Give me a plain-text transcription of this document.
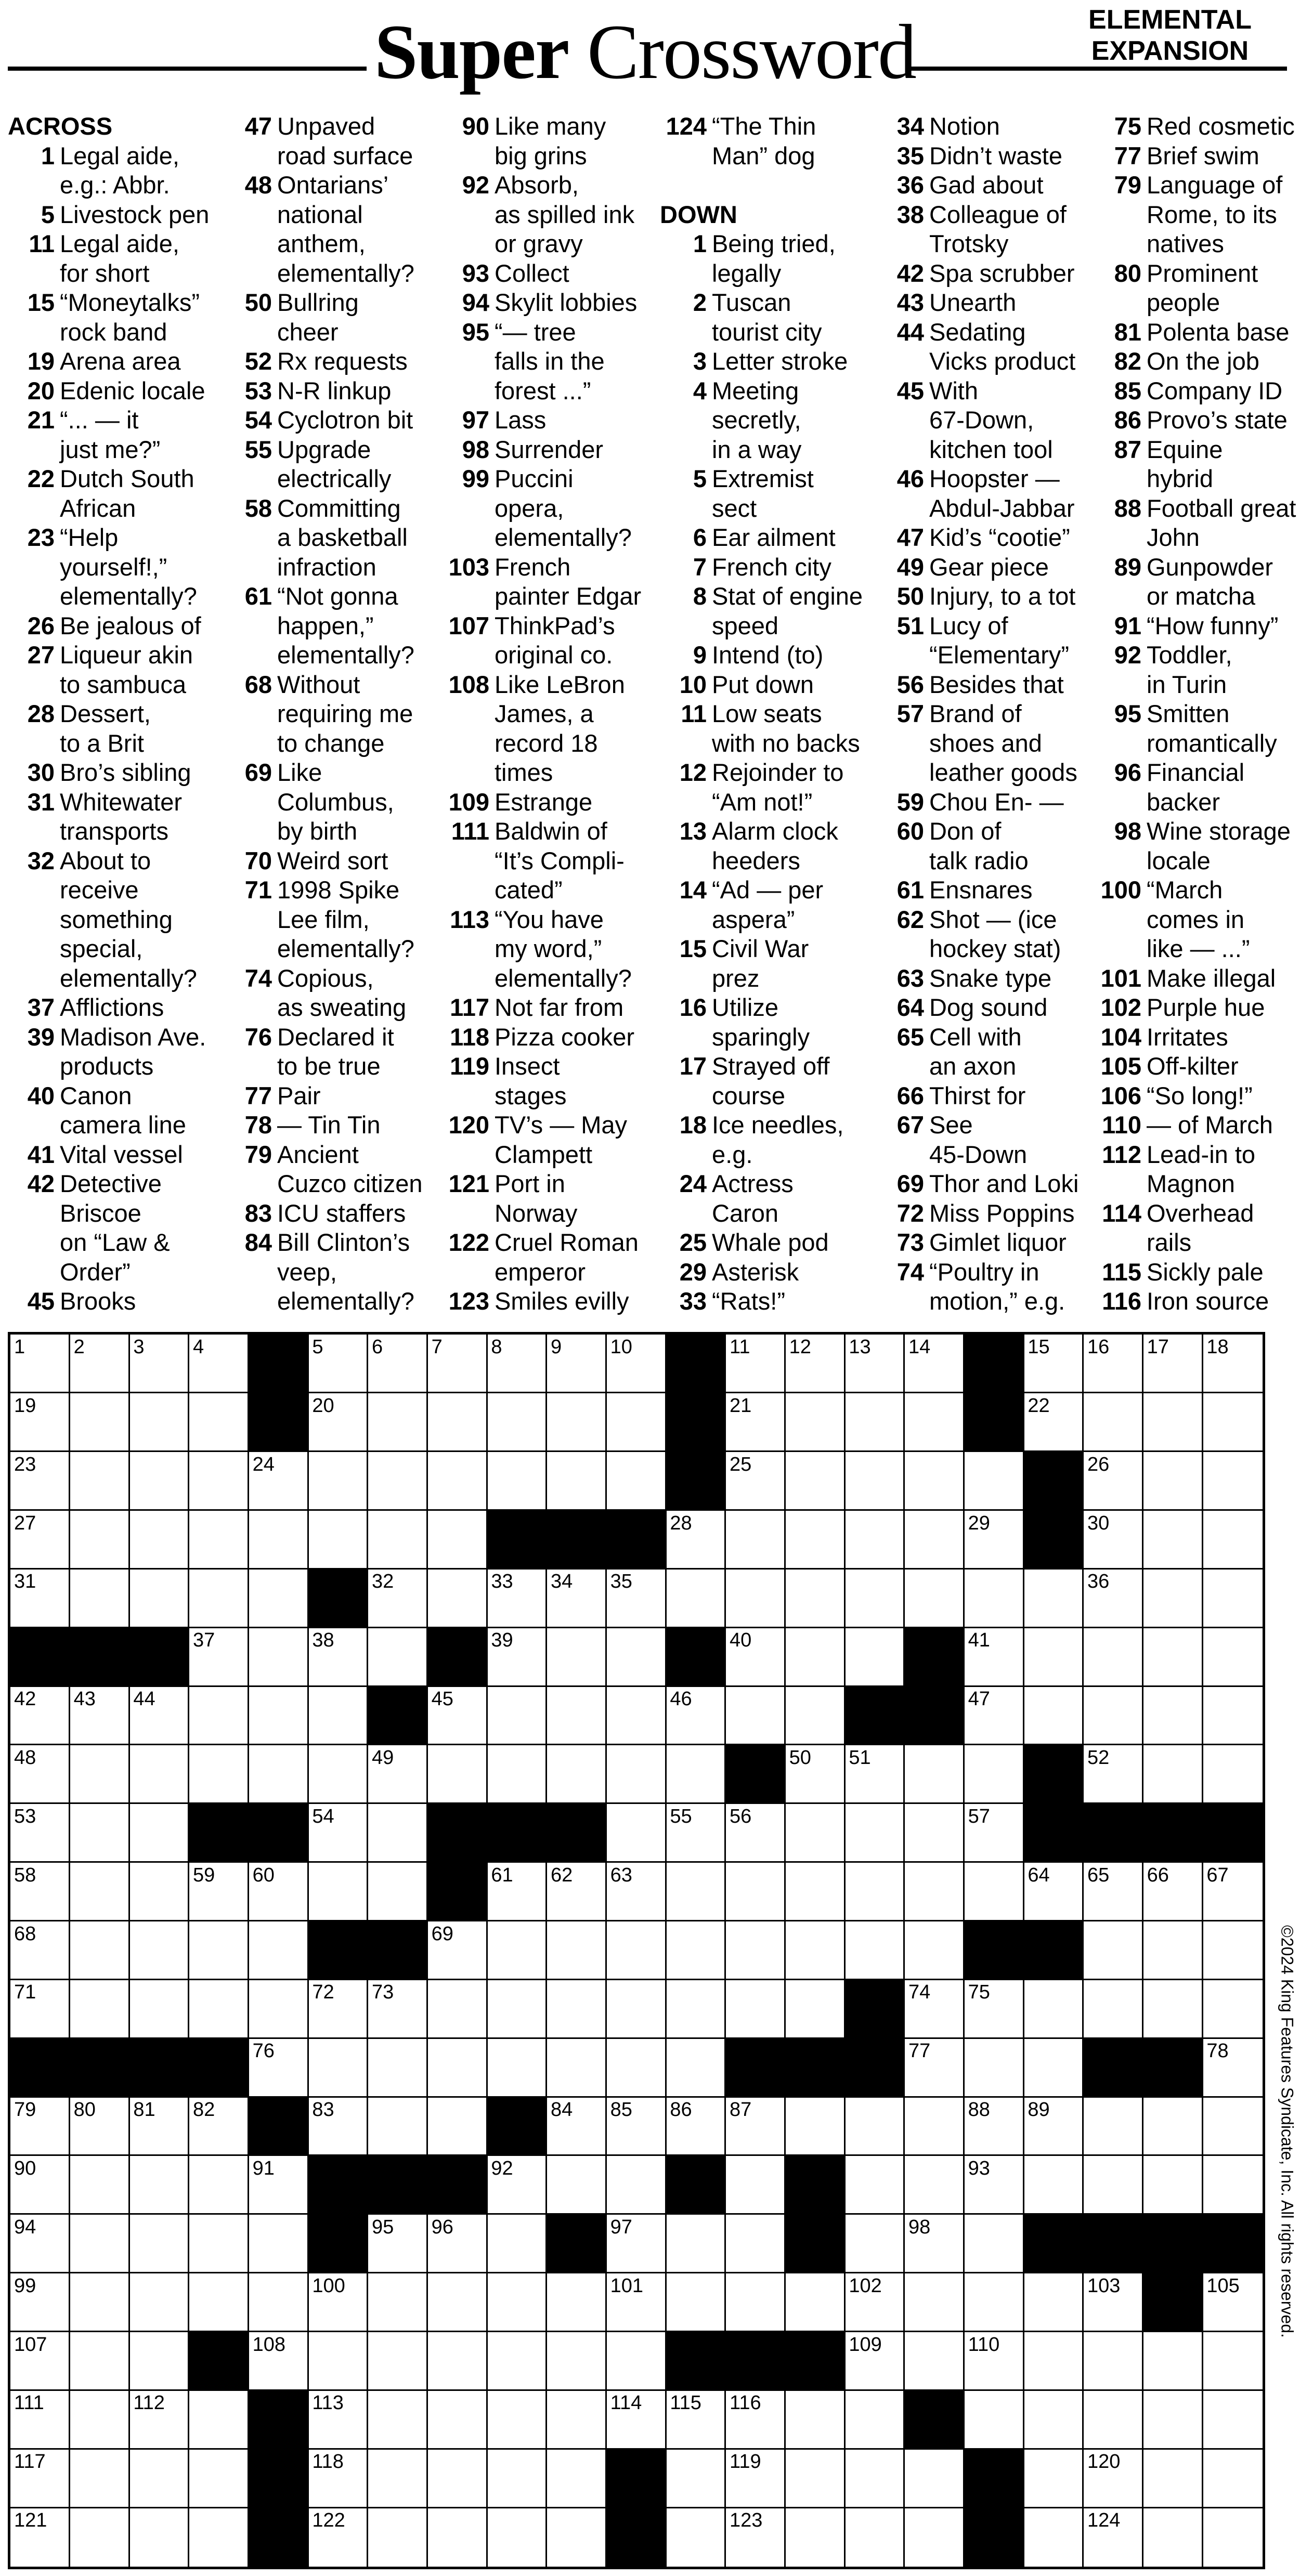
Super Crossword	ELEMENTAL
EXPANSION
ACROSS
1 Legal aide,
e.g.: Abbr.
5 Livestock pen
11 Legal aide,
for short
15 “Moneytalks”
rock band
19 Arena area
20 Edenic locale
21 “... — it
just me?”
22 Dutch South
African
23 “Help
yourself!,”
elementally?
26 Be jealous of
27 Liqueur akin
to sambuca
28 Dessert,
to a Brit
30 Bro’s sibling
31 Whitewater
transports
32 About to
receive
something
special,
elementally?
37 Afflictions
39 Madison Ave.
products
40 Canon
camera line
41 Vital vessel
42 Detective
Briscoe
on “Law &
Order”
45 Brooks
47 Unpaved
road surface
48 Ontarians’
national
anthem,
elementally?
50 Bullring
cheer
52 Rx requests
53 N-R linkup
54 Cyclotron bit
55 Upgrade
electrically
58 Committing
a basketball
infraction
61 “Not gonna
happen,”
elementally?
68 Without
requiring me
to change
69 Like
Columbus,
by birth
70 Weird sort
71 1998 Spike
Lee film,
elementally?
74 Copious,
as sweating
76 Declared it
to be true
77 Pair
78 — Tin Tin
79 Ancient
Cuzco citizen
83 ICU staffers
84 Bill Clinton’s
veep,
elementally?
90 Like many
big grins
92 Absorb,
as spilled ink
or gravy
93 Collect
94 Skylit lobbies
95 “— tree
falls in the
forest ...”
97 Lass
98 Surrender
99 Puccini
opera,
elementally?
103 French
painter Edgar
107 ThinkPad’s
original co.
108 Like LeBron
James, a
record 18
times
109 Estrange
111 Baldwin of
“It’s Compli-
cated”
113 “You have
my word,”
elementally?
117 Not far from
118 Pizza cooker
119 Insect
stages
120 TV’s — May
Clampett
121 Port in
Norway
122 Cruel Roman
emperor
123 Smiles evilly
124 “The Thin
Man” dog
DOWN
1 Being tried,
legally
2 Tuscan
tourist city
3 Letter stroke
4 Meeting
secretly,
in a way
5 Extremist
sect
6 Ear ailment
7 French city
8 Stat of engine
speed
9 Intend (to)
10 Put down
11 Low seats
with no backs
12 Rejoinder to
“Am not!”
13 Alarm clock
heeders
14 “Ad — per
aspera”
15 Civil War
prez
16 Utilize
sparingly
17 Strayed off
course
18 Ice needles,
e.g.
24 Actress
Caron
25 Whale pod
29 Asterisk
33 “Rats!”
34 Notion
35 Didn’t waste
36 Gad about
38 Colleague of
Trotsky
42 Spa scrubber
43 Unearth
44 Sedating
Vicks product
45 With
67-Down,
kitchen tool
46 Hoopster —
Abdul-Jabbar
47 Kid’s “cootie”
49 Gear piece
50 Injury, to a tot
51 Lucy of
“Elementary”
56 Besides that
57 Brand of
shoes and
leather goods
59 Chou En- —
60 Don of
talk radio
61 Ensnares
62 Shot — (ice
hockey stat)
63 Snake type
64 Dog sound
65 Cell with
an axon
66 Thirst for
67 See
45-Down
69 Thor and Loki
72 Miss Poppins
73 Gimlet liquor
74 “Poultry in
motion,” e.g.
75 Red cosmetic
77 Brief swim
79 Language of
Rome, to its
natives
80 Prominent
people
81 Polenta base
82 On the job
85 Company ID
86 Provo’s state
87 Equine
hybrid
88 Football great
John
89 Gunpowder
or matcha
91 “How funny”
92 Toddler,
in Turin
95 Smitten
romantically
96 Financial
backer
98 Wine storage
locale
100 “March
comes in
like — ...”
101 Make illegal
102 Purple hue
104 Irritates
105 Off-kilter
106 “So long!”
110 — of March
112 Lead-in to
Magnon
114 Overhead
rails
115 Sickly pale
116 Iron source
1 2 3 4	5 6 7 8 9 10	11 12 13 14	15 16 17 18
19	20	21	22
23	24	25	26
27	28	29	30
31	32	33 34 35	36
37	38	39	40	41
42 43 44	45	46	47
48	49	50 51	52
53	54	55 56	57
58	59 60	61 62 63	64 65 66 67
68	69
71	72 73	74 75
76	77	78
79 80 81 82	83	84 85 86 87	88 89
90	91	92	93
94	95 96	97	98
99	100	101	102	103	105
107	108	109	110
111	112	113	114 115 116
117	118	119	120
121	122	123	124
©2024 King Features Syndicate, Inc. All rights reserved.
